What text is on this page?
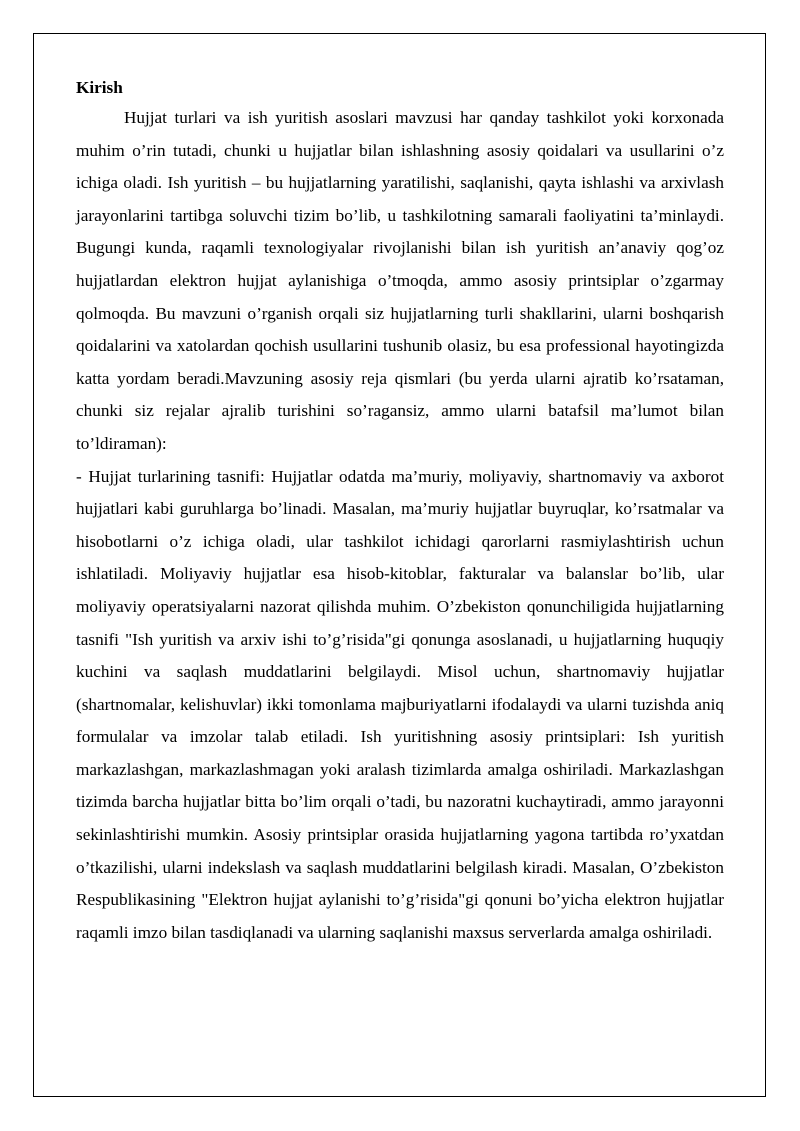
Kirish

Hujjat turlari va ish yuritish asoslari mavzusi har qanday tashkilot yoki korxonada muhim o’rin tutadi, chunki u hujjatlar bilan ishlashning asosiy qoidalari va usullarini o’z ichiga oladi. Ish yuritish – bu hujjatlarning yaratilishi, saqlanishi, qayta ishlashi va arxivlash jarayonlarini tartibga soluvchi tizim bo’lib, u tashkilotning samarali faoliyatini ta’minlaydi. Bugungi kunda, raqamli texnologiyalar rivojlanishi bilan ish yuritish an’anaviy qog’oz hujjatlardan elektron hujjat aylanishiga o’tmoqda, ammo asosiy printsiplar o’zgarmay qolmoqda. Bu mavzuni o’rganish orqali siz hujjatlarning turli shakllarini, ularni boshqarish qoidalarini va xatolardan qochish usullarini tushunib olasiz, bu esa professional hayotingizda katta yordam beradi.Mavzuning asosiy reja qismlari (bu yerda ularni ajratib ko’rsataman, chunki siz rejalar ajralib turishini so’ragansiz, ammo ularni batafsil ma’lumot bilan to’ldiraman):

- Hujjat turlarining tasnifi: Hujjatlar odatda ma’muriy, moliyaviy, shartnomaviy va axborot hujjatlari kabi guruhlarga bo’linadi. Masalan, ma’muriy hujjatlar buyruqlar, ko’rsatmalar va hisobotlarni o’z ichiga oladi, ular tashkilot ichidagi qarorlarni rasmiylashtirish uchun ishlatiladi. Moliyaviy hujjatlar esa hisob-kitoblar, fakturalar va balanslar bo’lib, ular moliyaviy operatsiyalarni nazorat qilishda muhim. O’zbekiston qonunchiligida hujjatlarning tasnifi "Ish yuritish va arxiv ishi to’g’risida"gi qonunga asoslanadi, u hujjatlarning huquqiy kuchini va saqlash muddatlarini belgilaydi. Misol uchun, shartnomaviy hujjatlar (shartnomalar, kelishuvlar) ikki tomonlama majburiyatlarni ifodalaydi va ularni tuzishda aniq formulalar va imzolar talab etiladi. Ish yuritishning asosiy printsiplari: Ish yuritish markazlashgan, markazlashmagan yoki aralash tizimlarda amalga oshiriladi. Markazlashgan tizimda barcha hujjatlar bitta bo’lim orqali o’tadi, bu nazoratni kuchaytiradi, ammo jarayonni sekinlashtirishi mumkin. Asosiy printsiplar orasida hujjatlarning yagona tartibda ro’yxatdan o’tkazilishi, ularni indekslash va saqlash muddatlarini belgilash kiradi. Masalan, O’zbekiston Respublikasining "Elektron hujjat aylanishi to’g’risida"gi qonuni bo’yicha elektron hujjatlar raqamli imzo bilan tasdiqlanadi va ularning saqlanishi maxsus serverlarda amalga oshiriladi.
